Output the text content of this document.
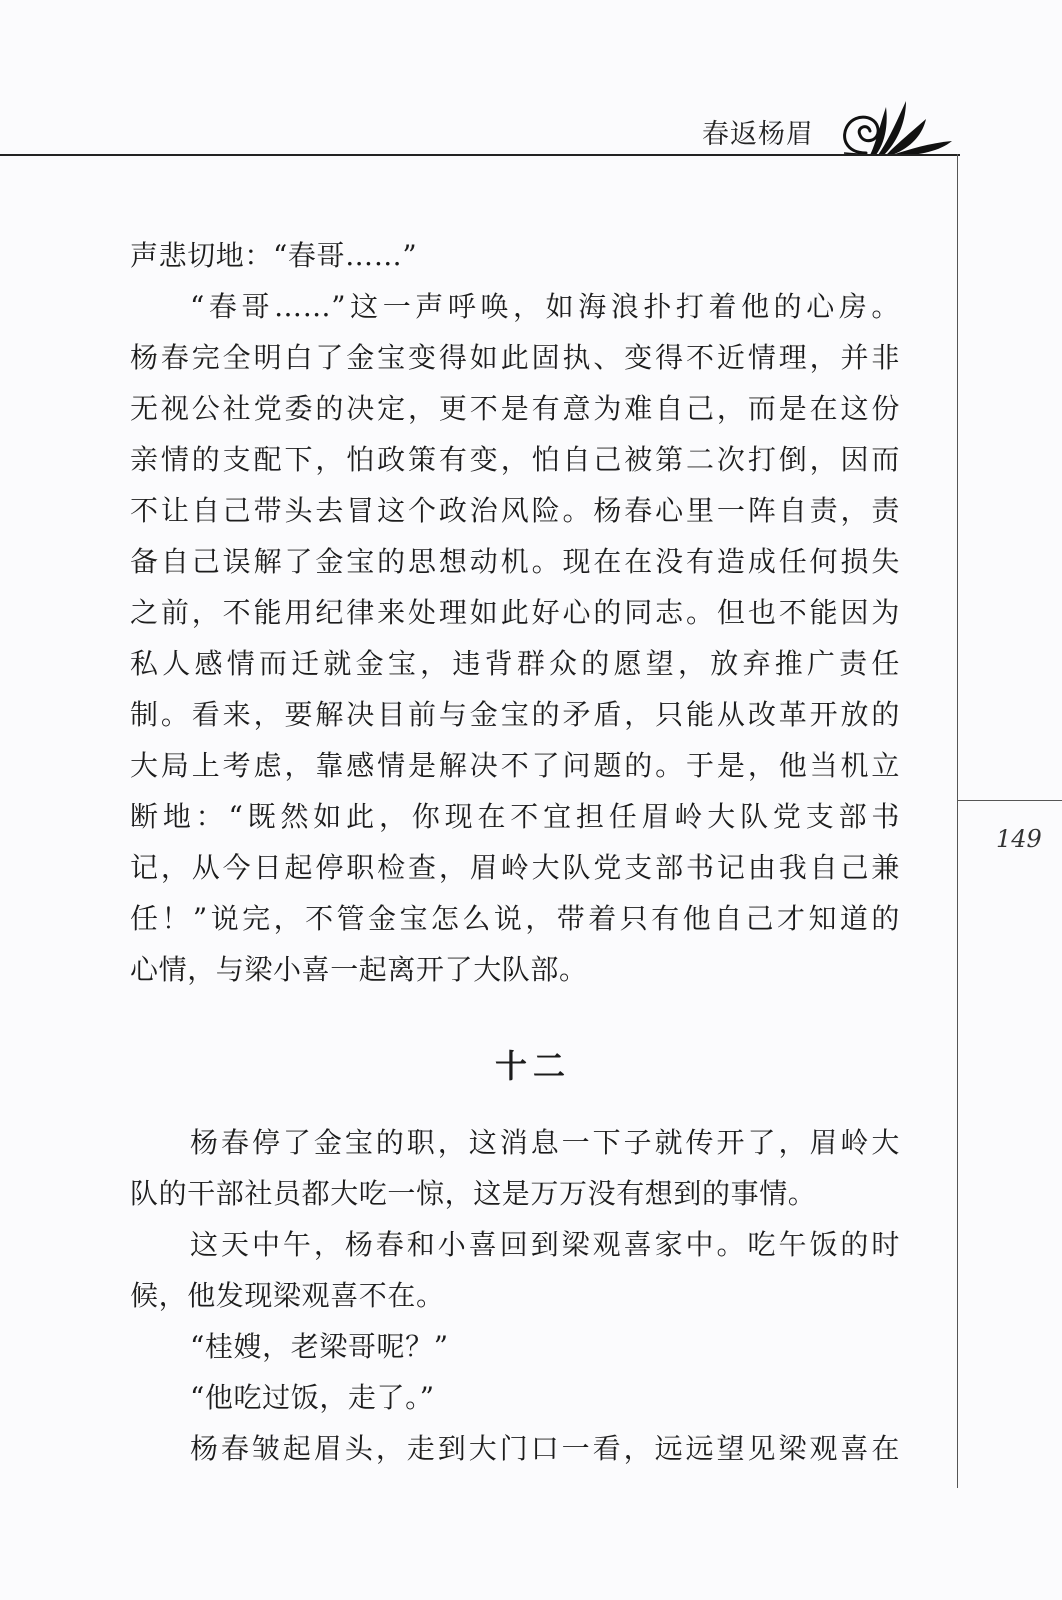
春返杨眉
149
声悲切地：“春哥……”
“春哥……”这一声呼唤，如海浪扑打着他的心房。
杨春完全明白了金宝变得如此固执、变得不近情理，并非
无视公社党委的决定，更不是有意为难自己，而是在这份
亲情的支配下，怕政策有变，怕自己被第二次打倒，因而
不让自己带头去冒这个政治风险。杨春心里一阵自责，责
备自己误解了金宝的思想动机。现在在没有造成任何损失
之前，不能用纪律来处理如此好心的同志。但也不能因为
私人感情而迁就金宝，违背群众的愿望，放弃推广责任
制。看来，要解决目前与金宝的矛盾，只能从改革开放的
大局上考虑，靠感情是解决不了问题的。于是，他当机立
断地：“既然如此，你现在不宜担任眉岭大队党支部书
记，从今日起停职检查，眉岭大队党支部书记由我自己兼
任！”说完，不管金宝怎么说，带着只有他自己才知道的
心情，与梁小喜一起离开了大队部。
十二
杨春停了金宝的职，这消息一下子就传开了，眉岭大
队的干部社员都大吃一惊，这是万万没有想到的事情。
这天中午，杨春和小喜回到梁观喜家中。吃午饭的时
候，他发现梁观喜不在。
“桂嫂，老梁哥呢？”
“他吃过饭，走了。”
杨春皱起眉头，走到大门口一看，远远望见梁观喜在
